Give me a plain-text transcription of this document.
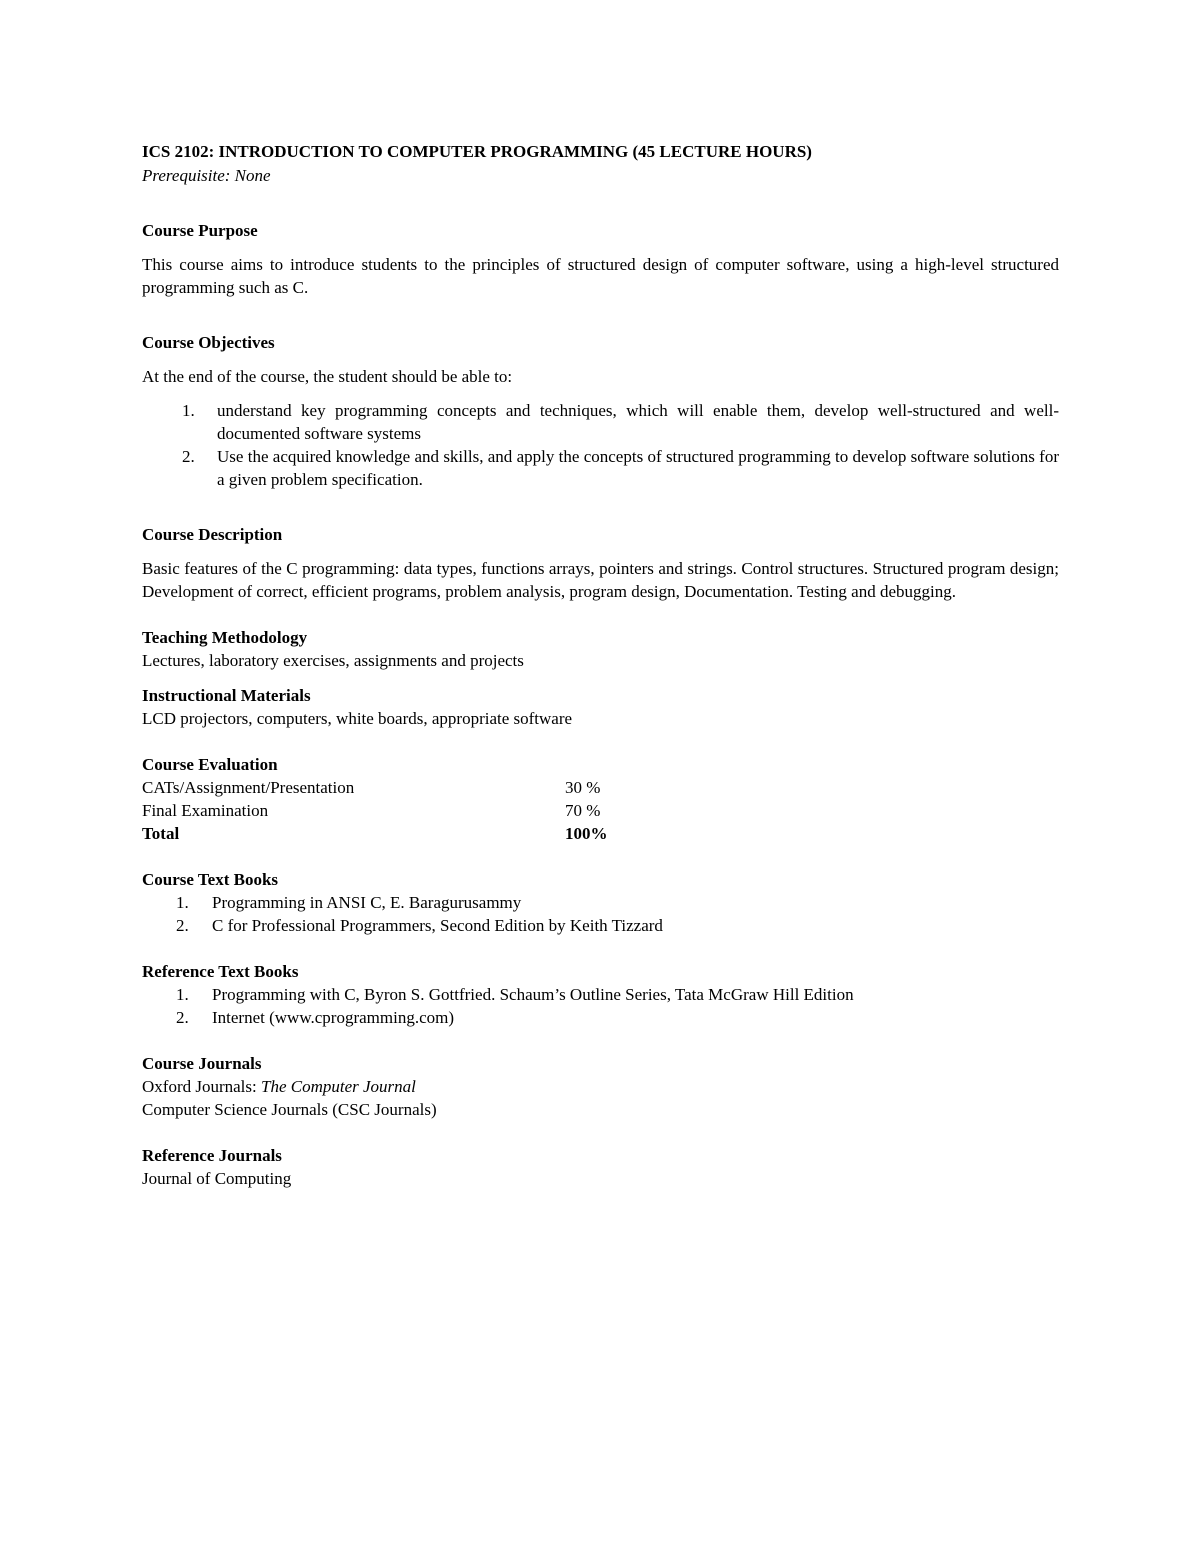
ICS 2102: INTRODUCTION TO COMPUTER PROGRAMMING (45 LECTURE HOURS)

Prerequisite: None

Course Purpose

This course aims to introduce students to the principles of structured design of computer software, using a high-level structured programming such as C.

Course Objectives

At the end of the course, the student should be able to:

1. understand key programming concepts and techniques, which will enable them, develop well-structured and well-documented software systems
2. Use the acquired knowledge and skills, and apply the concepts of structured programming to develop software solutions for a given problem specification.

Course Description

Basic features of the C programming: data types, functions arrays, pointers and strings. Control structures. Structured program design; Development of correct, efficient programs, problem analysis, program design, Documentation. Testing and debugging.

Teaching Methodology

Lectures, laboratory exercises, assignments and projects

Instructional Materials

LCD projectors, computers, white boards, appropriate software

Course Evaluation

CATs/Assignment/Presentation	30 %
Final Examination	70 %
Total	100%

Course Text Books

1. Programming in ANSI C, E. Baragurusammy
2. C for Professional Programmers, Second Edition by Keith Tizzard

Reference Text Books

1. Programming with C, Byron S. Gottfried. Schaum’s Outline Series, Tata McGraw Hill Edition
2. Internet (www.cprogramming.com)

Course Journals

Oxford Journals: The Computer Journal

Computer Science Journals (CSC Journals)

Reference Journals

Journal of Computing
